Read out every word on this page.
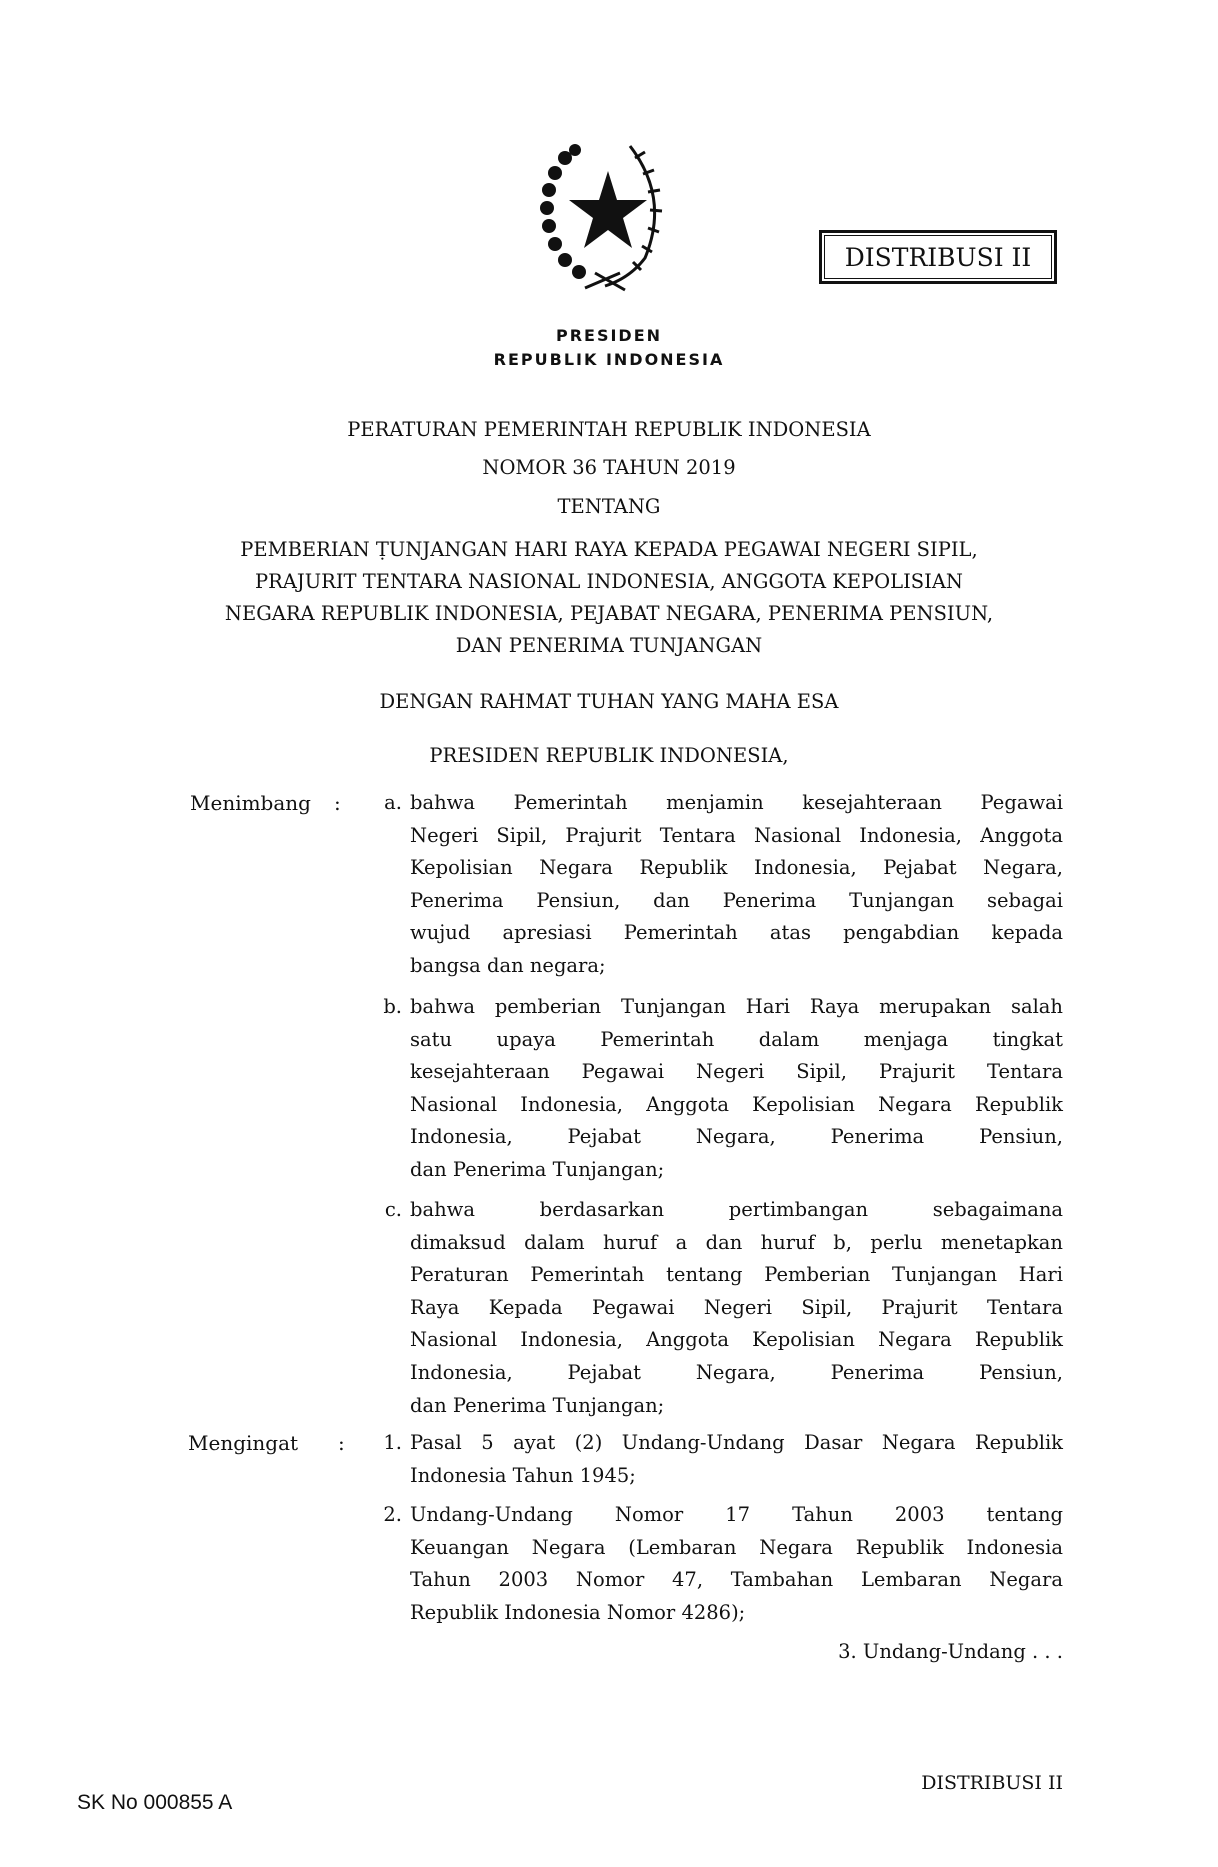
DISTRIBUSI II
PRESIDEN
REPUBLIK INDONESIA
PERATURAN PEMERINTAH REPUBLIK INDONESIA
NOMOR 36 TAHUN 2019
TENTANG
PEMBERIAN ṬUNJANGAN HARI RAYA KEPADA PEGAWAI NEGERI SIPIL,
PRAJURIT TENTARA NASIONAL INDONESIA, ANGGOTA KEPOLISIAN
NEGARA REPUBLIK INDONESIA, PEJABAT NEGARA, PENERIMA PENSIUN,
DAN PENERIMA TUNJANGAN
DENGAN RAHMAT TUHAN YANG MAHA ESA
PRESIDEN REPUBLIK INDONESIA,
Menimbang :	a. bahwa Pemerintah menjamin kesejahteraan Pegawai
Negeri Sipil, Prajurit Tentara Nasional Indonesia, Anggota
Kepolisian Negara Republik Indonesia, Pejabat Negara,
Penerima Pensiun, dan Penerima Tunjangan sebagai
wujud apresiasi Pemerintah atas pengabdian kepada
bangsa dan negara;
b. bahwa pemberian Tunjangan Hari Raya merupakan salah
satu upaya Pemerintah dalam menjaga tingkat
kesejahteraan Pegawai Negeri Sipil, Prajurit Tentara
Nasional Indonesia, Anggota Kepolisian Negara Republik
Indonesia, Pejabat Negara, Penerima Pensiun,
dan Penerima Tunjangan;
c. bahwa berdasarkan pertimbangan sebagaimana
dimaksud dalam huruf a dan huruf b, perlu menetapkan
Peraturan Pemerintah tentang Pemberian Tunjangan Hari
Raya Kepada Pegawai Negeri Sipil, Prajurit Tentara
Nasional Indonesia, Anggota Kepolisian Negara Republik
Indonesia, Pejabat Negara, Penerima Pensiun,
dan Penerima Tunjangan;
Mengingat :	1. Pasal 5 ayat (2) Undang-Undang Dasar Negara Republik
Indonesia Tahun 1945;
2. Undang-Undang Nomor 17 Tahun 2003 tentang
Keuangan Negara (Lembaran Negara Republik Indonesia
Tahun 2003 Nomor 47, Tambahan Lembaran Negara
Republik Indonesia Nomor 4286);
3. Undang-Undang . . .
DISTRIBUSI II
SK No 000855 A
